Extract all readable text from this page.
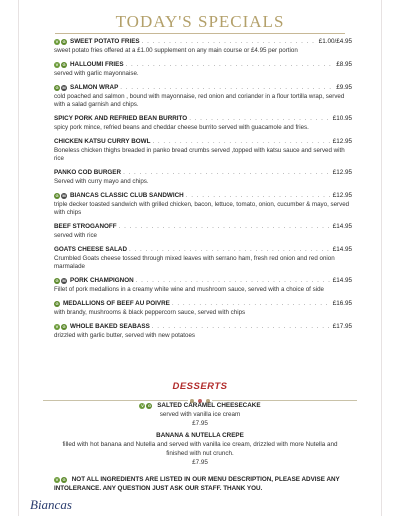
TODAY'S SPECIALS
V	G SWEET POTATO FRIES . . .	£1.00/£4.95
sweet potato fries offered at a £1.00 supplement on any main course or £4.95 per portion
V	G HALLOUMI FRIES . . .	£8.95
served with garlic mayonnaise.
G M SALMON WRAP . . .	£9.95
cold poached and salmon , bound with mayonnaise, red onion and coriander in a flour tortilla wrap, served with a salad garnish and chips.
SPICY PORK AND REFRIED BEAN BURRITO . . .	£10.95
spicy pork mince, refried beans and cheddar cheese burrito served with guacamole and fries.
CHICKEN KATSU CURRY BOWL . . .	£12.95
Boneless chicken thighs breaded in panko bread crumbs served ,topped with katsu sauce and served with rice
PANKO COD BURGER . . .	£12.95
Served with curry mayo and chips.
G M BIANCAS CLASSIC CLUB SANDWICH . . .	£12.95
triple decker toasted sandwich with grilled chicken, bacon, lettuce, tomato, onion, cucumber & mayo, served with chips
BEEF STROGANOFF . . .	£14.95
served with rice
GOATS CHEESE SALAD . . .	£14.95
Crumbled Goats cheese tossed through mixed leaves with serrano ham, fresh red onion and red onion marmalade
G M PORK CHAMPIGNON . . .	£14.95
Fillet of pork medallions in a creamy white wine and mushroom sauce, served with a choice of side
G MEDALLIONS OF BEEF AU POIVRE . . .	£16.95
with brandy, mushrooms & black peppercorn sauce, served with chips
V	G WHOLE BAKED SEABASS . . .	£17.95
drizzled with garlic butter, served with new potatoes
DESSERTS
V	G SALTED CARAMEL CHEESECAKE
served with vanilla ice cream
£7.95
BANANA & NUTELLA CREPE
filled with hot banana and Nutella and served with vanilla ice cream, drizzled with more Nutella and finished with nut crunch.
£7.95
V	G NOT ALL INGREDIENTS ARE LISTED IN OUR MENU DESCRIPTION, PLEASE ADVISE ANY INTOLERANCE. ANY QUESTION JUST ASK OUR STAFF. THANK YOU.
Biancas
